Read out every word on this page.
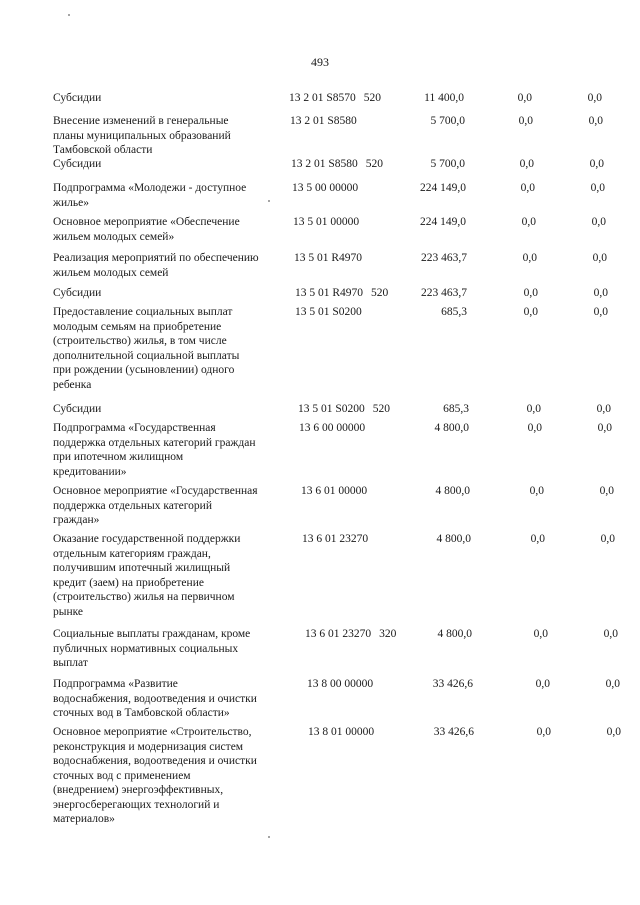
493
Субсидии	13 2 01 S8570 520	11 400,0	0,0	0,0
Внесение изменений в генеральные
планы муниципальных образований
Тамбовской области
13 2 01 S8580	5 700,0	0,0	0,0
Субсидии	13 2 01 S8580 520	5 700,0	0,0	0,0
Подпрограмма «Молодежи - доступное
жилье»
13 5 00 00000	224 149,0	0,0	0,0
Основное мероприятие «Обеспечение
жильем молодых семей»
13 5 01 00000	224 149,0	0,0	0,0
Реализация мероприятий по обеспечению
жильем молодых семей
13 5 01 R4970	223 463,7	0,0	0,0
Субсидии	13 5 01 R4970 520	223 463,7	0,0	0,0
Предоставление социальных выплат
молодым семьям на приобретение
(строительство) жилья, в том числе
дополнительной социальной выплаты
при рождении (усыновлении) одного
ребенка
13 5 01 S0200	685,3	0,0	0,0
Субсидии	13 5 01 S0200 520	685,3	0,0	0,0
Подпрограмма «Государственная
поддержка отдельных категорий граждан
при ипотечном жилищном
кредитовании»
13 6 00 00000	4 800,0	0,0	0,0
Основное мероприятие «Государственная
поддержка отдельных категорий
граждан»
13 6 01 00000	4 800,0	0,0	0,0
Оказание государственной поддержки
отдельным категориям граждан,
получившим ипотечный жилищный
кредит (заем) на приобретение
(строительство) жилья на первичном
рынке
13 6 01 23270	4 800,0	0,0	0,0
Социальные выплаты гражданам, кроме
публичных нормативных социальных
выплат
13 6 01 23270 320	4 800,0	0,0	0,0
Подпрограмма «Развитие
водоснабжения, водоотведения и очистки
сточных вод в Тамбовской области»
13 8 00 00000	33 426,6	0,0	0,0
Основное мероприятие «Строительство,
реконструкция и модернизация систем
водоснабжения, водоотведения и очистки
сточных вод с применением
(внедрением) энергоэффективных,
энергосберегающих технологий и
материалов»
13 8 01 00000	33 426,6	0,0	0,0
